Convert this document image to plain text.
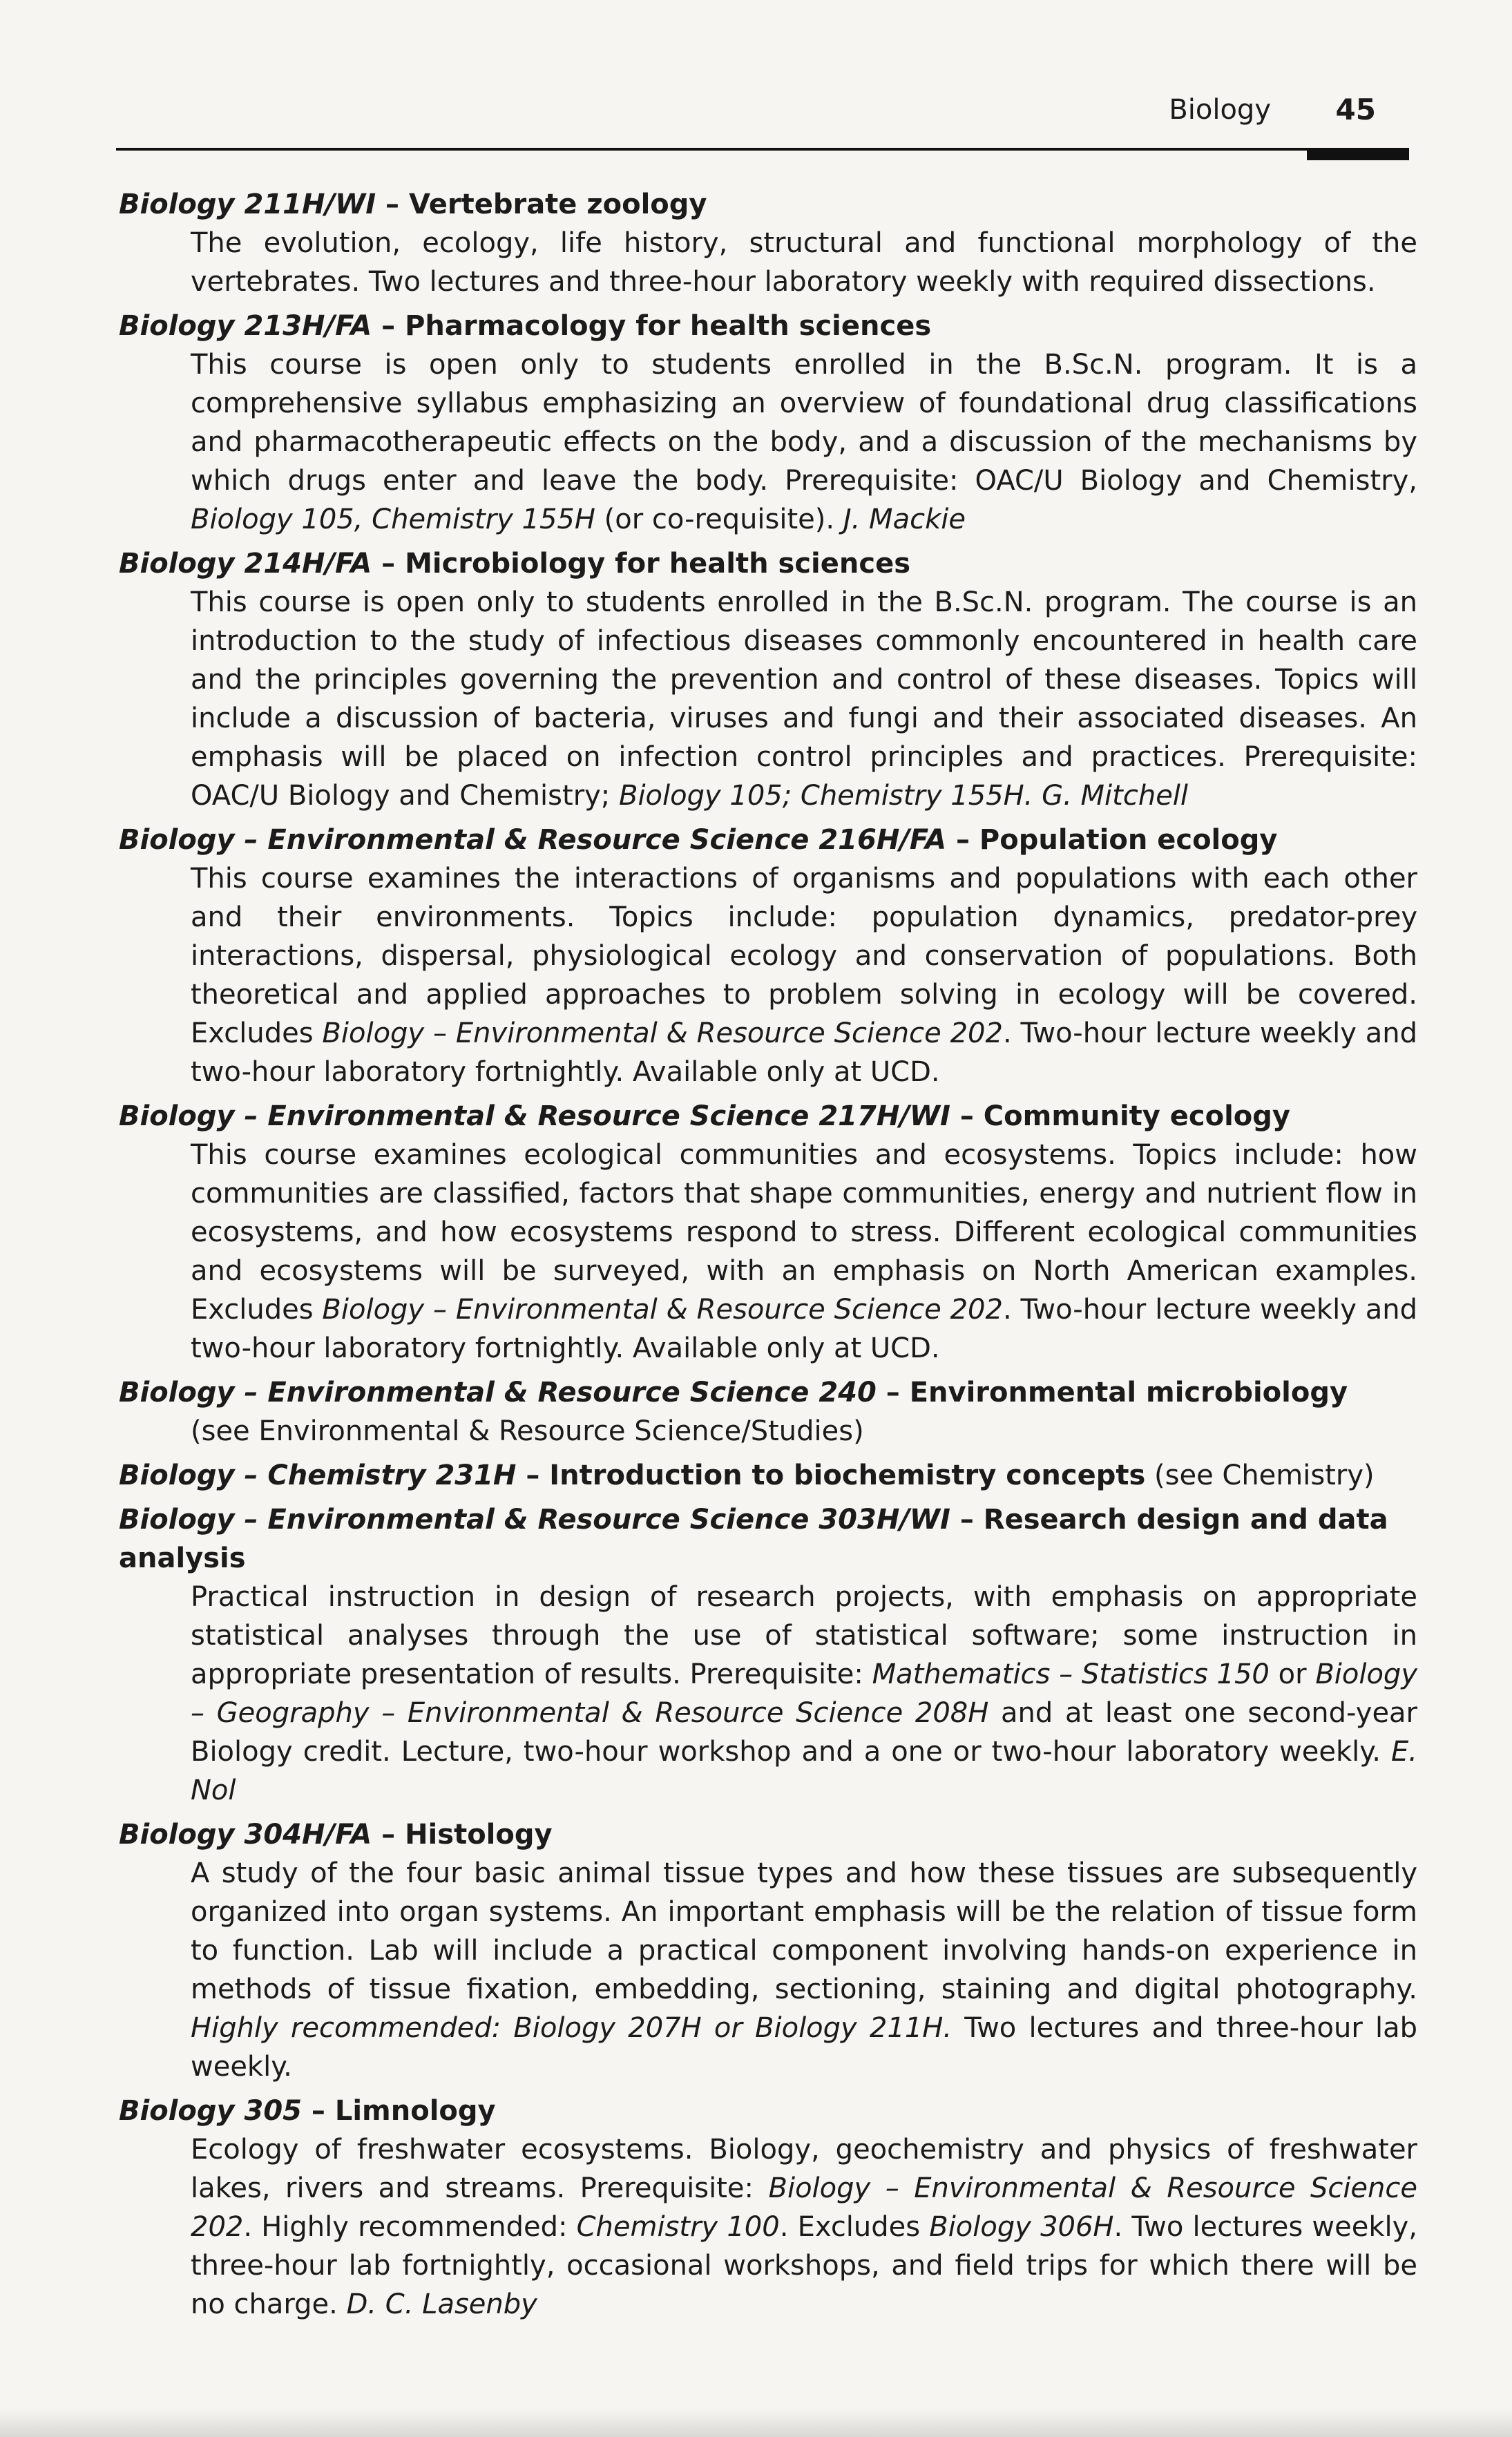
Biology 45
Biology 211H/WI – Vertebrate zoology
The evolution, ecology, life history, structural and functional morphology of the vertebrates. Two lectures and three-hour laboratory weekly with required dissections.
Biology 213H/FA – Pharmacology for health sciences
This course is open only to students enrolled in the B.Sc.N. program. It is a comprehensive syllabus emphasizing an overview of foundational drug classifications and pharmacotherapeutic effects on the body, and a discussion of the mechanisms by which drugs enter and leave the body. Prerequisite: OAC/U Biology and Chemistry, Biology 105, Chemistry 155H (or co-requisite). J. Mackie
Biology 214H/FA – Microbiology for health sciences
This course is open only to students enrolled in the B.Sc.N. program. The course is an introduction to the study of infectious diseases commonly encountered in health care and the principles governing the prevention and control of these diseases. Topics will include a discussion of bacteria, viruses and fungi and their associated diseases. An emphasis will be placed on infection control principles and practices. Prerequisite: OAC/U Biology and Chemistry; Biology 105; Chemistry 155H. G. Mitchell
Biology – Environmental & Resource Science 216H/FA – Population ecology
This course examines the interactions of organisms and populations with each other and their environments. Topics include: population dynamics, predator-prey interactions, dispersal, physiological ecology and conservation of populations. Both theoretical and applied approaches to problem solving in ecology will be covered. Excludes Biology – Environmental & Resource Science 202. Two-hour lecture weekly and two-hour laboratory fortnightly. Available only at UCD.
Biology – Environmental & Resource Science 217H/WI – Community ecology
This course examines ecological communities and ecosystems. Topics include: how communities are classified, factors that shape communities, energy and nutrient flow in ecosystems, and how ecosystems respond to stress. Different ecological communities and ecosystems will be surveyed, with an emphasis on North American examples. Excludes Biology – Environmental & Resource Science 202. Two-hour lecture weekly and two-hour laboratory fortnightly. Available only at UCD.
Biology – Environmental & Resource Science 240 – Environmental microbiology
(see Environmental & Resource Science/Studies)
Biology – Chemistry 231H – Introduction to biochemistry concepts (see Chemistry)
Biology – Environmental & Resource Science 303H/WI – Research design and data analysis
Practical instruction in design of research projects, with emphasis on appropriate statistical analyses through the use of statistical software; some instruction in appropriate presentation of results. Prerequisite: Mathematics – Statistics 150 or Biology – Geography – Environmental & Resource Science 208H and at least one second-year Biology credit. Lecture, two-hour workshop and a one or two-hour laboratory weekly. E. Nol
Biology 304H/FA – Histology
A study of the four basic animal tissue types and how these tissues are subsequently organized into organ systems. An important emphasis will be the relation of tissue form to function. Lab will include a practical component involving hands-on experience in methods of tissue fixation, embedding, sectioning, staining and digital photography. Highly recommended: Biology 207H or Biology 211H. Two lectures and three-hour lab weekly.
Biology 305 – Limnology
Ecology of freshwater ecosystems. Biology, geochemistry and physics of freshwater lakes, rivers and streams. Prerequisite: Biology – Environmental & Resource Science 202. Highly recommended: Chemistry 100. Excludes Biology 306H. Two lectures weekly, three-hour lab fortnightly, occasional workshops, and field trips for which there will be no charge. D. C. Lasenby
